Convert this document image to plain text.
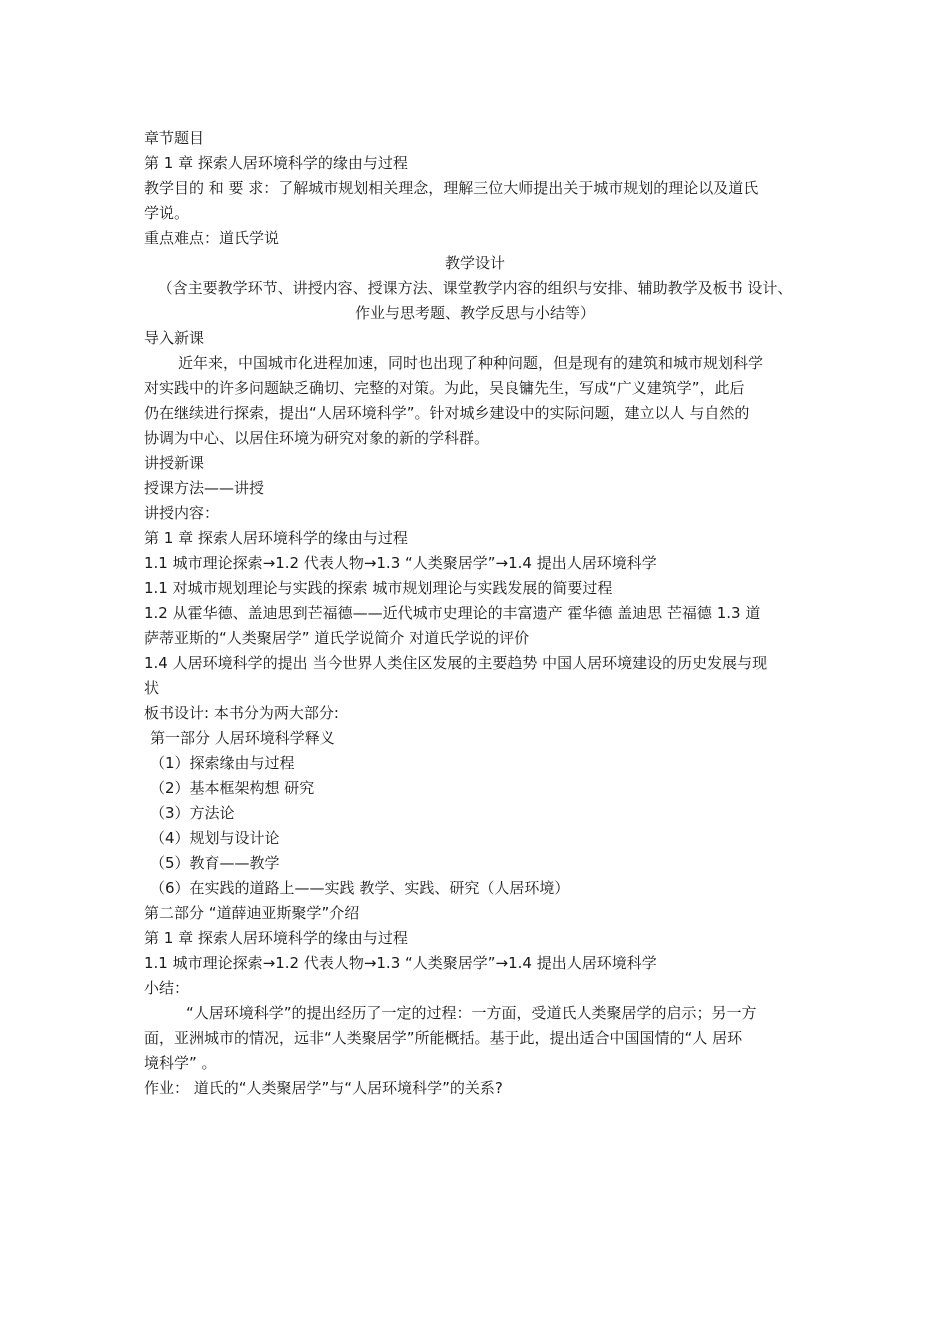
章节题目
第 1 章 探索人居环境科学的缘由与过程
教学目的 和 要 求：了解城市规划相关理念，理解三位大师提出关于城市规划的理论以及道氏
学说。
重点难点：道氏学说
教学设计
（含主要教学环节、讲授内容、授课方法、课堂教学内容的组织与安排、辅助教学及板书 设计、
作业与思考题、教学反思与小结等）
导入新课
近年来，中国城市化进程加速，同时也出现了种种问题，但是现有的建筑和城市规划科学
对实践中的许多问题缺乏确切、完整的对策。为此，吴良镛先生，写成“广义建筑学”，此后
仍在继续进行探索，提出“人居环境科学”。针对城乡建设中的实际问题，建立以人 与自然的
协调为中心、以居住环境为研究对象的新的学科群。
讲授新课
授课方法——讲授
讲授内容：
第 1 章 探索人居环境科学的缘由与过程
1.1 城市理论探索→1.2 代表人物→1.3 “人类聚居学”→1.4 提出人居环境科学
1.1 对城市规划理论与实践的探索 城市规划理论与实践发展的简要过程
1.2 从霍华德、盖迪思到芒福德——近代城市史理论的丰富遗产 霍华德 盖迪思 芒福德 1.3 道
萨蒂亚斯的“人类聚居学” 道氏学说简介 对道氏学说的评价
1.4 人居环境科学的提出 当今世界人类住区发展的主要趋势 中国人居环境建设的历史发展与现
状
板书设计: 本书分为两大部分:
第一部分 人居环境科学释义
（1）探索缘由与过程
（2）基本框架构想 研究
（3）方法论
（4）规划与设计论
（5）教育——教学
（6）在实践的道路上——实践 教学、实践、研究（人居环境）
第二部分 “道薛迪亚斯聚学”介绍
第 1 章 探索人居环境科学的缘由与过程
1.1 城市理论探索→1.2 代表人物→1.3 “人类聚居学”→1.4 提出人居环境科学
小结：
“人居环境科学”的提出经历了一定的过程：一方面，受道氏人类聚居学的启示；另一方
面，亚洲城市的情况，远非“人类聚居学”所能概括。基于此，提出适合中国国情的“人 居环
境科学” 。
作业： 道氏的“人类聚居学”与“人居环境科学”的关系?
